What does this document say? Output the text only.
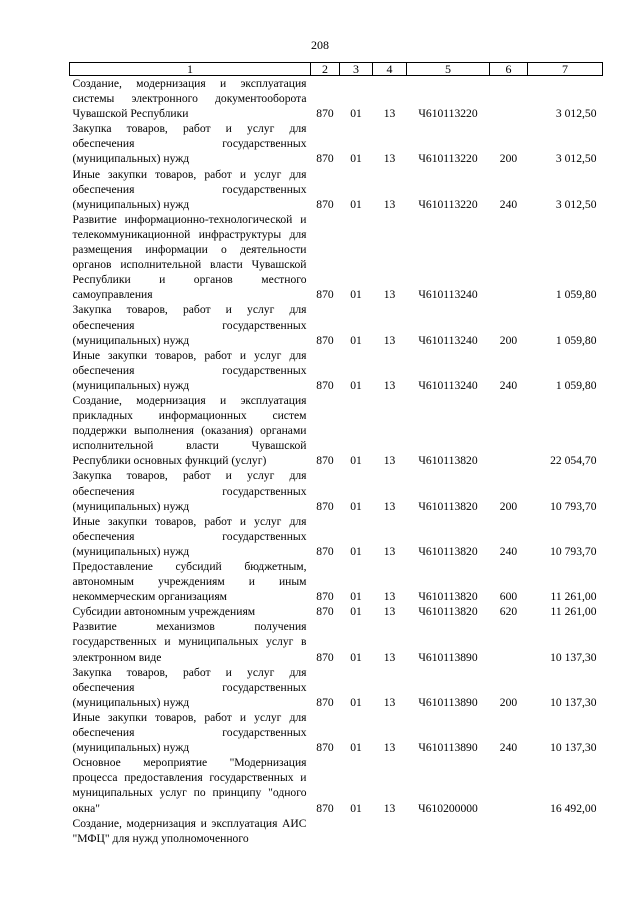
208
1	2	3	4	5	6	7
Создание, модернизация и эксплуатация системы электронного документооборота Чувашской Республики	870	01	13	Ч610113220		3 012,50
Закупка товаров, работ и услуг для обеспечения государственных (муниципальных) нужд	870	01	13	Ч610113220	200	3 012,50
Иные закупки товаров, работ и услуг для обеспечения государственных (муниципальных) нужд	870	01	13	Ч610113220	240	3 012,50
Развитие информационно-технологической и телекоммуникационной инфраструктуры для размещения информации о деятельности органов исполнительной власти Чувашской Республики и органов местного самоуправления	870	01	13	Ч610113240		1 059,80
Закупка товаров, работ и услуг для обеспечения государственных (муниципальных) нужд	870	01	13	Ч610113240	200	1 059,80
Иные закупки товаров, работ и услуг для обеспечения государственных (муниципальных) нужд	870	01	13	Ч610113240	240	1 059,80
Создание, модернизация и эксплуатация прикладных информационных систем поддержки выполнения (оказания) органами исполнительной власти Чувашской Республики основных функций (услуг)	870	01	13	Ч610113820		22 054,70
Закупка товаров, работ и услуг для обеспечения государственных (муниципальных) нужд	870	01	13	Ч610113820	200	10 793,70
Иные закупки товаров, работ и услуг для обеспечения государственных (муниципальных) нужд	870	01	13	Ч610113820	240	10 793,70
Предоставление субсидий бюджетным, автономным учреждениям и иным некоммерческим организациям	870	01	13	Ч610113820	600	11 261,00
Субсидии автономным учреждениям	870	01	13	Ч610113820	620	11 261,00
Развитие механизмов получения государственных и муниципальных услуг в электронном виде	870	01	13	Ч610113890		10 137,30
Закупка товаров, работ и услуг для обеспечения государственных (муниципальных) нужд	870	01	13	Ч610113890	200	10 137,30
Иные закупки товаров, работ и услуг для обеспечения государственных (муниципальных) нужд	870	01	13	Ч610113890	240	10 137,30
Основное мероприятие "Модернизация процесса предоставления государственных и муниципальных услуг по принципу "одного окна"	870	01	13	Ч610200000		16 492,00
Создание, модернизация и эксплуатация АИС "МФЦ" для нужд уполномоченного						
